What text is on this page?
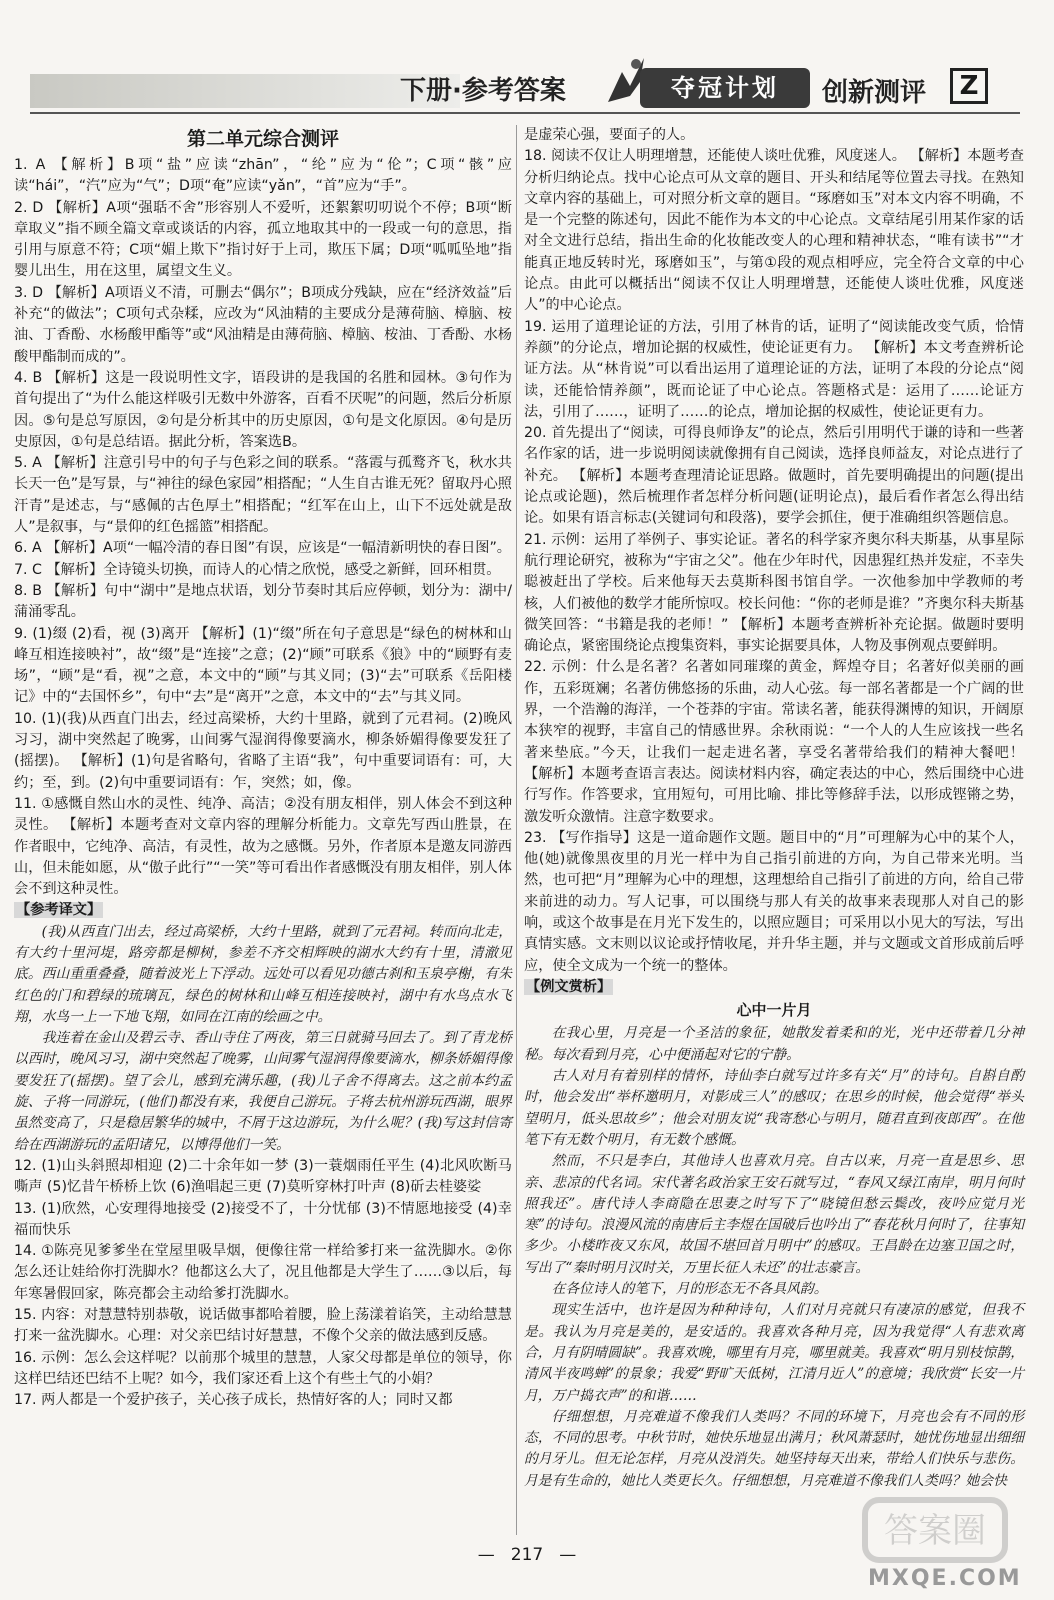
下册·参考答案	夺冠计划	创新测评	Z
第二单元综合测评

1. A 【解析】B项“盐”应读“zhān”，“纶”应为“伦”；C项“骸”应读“hái”，“汽”应为“气”；D项“奄”应读“yǎn”，“首”应为“手”。

2. D 【解析】A项“强聒不舍”形容别人不爱听，还絮絮叨叨说个不停；B项“断章取义”指不顾全篇文章或谈话的内容，孤立地取其中的一段或一句的意思，指引用与原意不符；C项“媚上欺下”指讨好于上司，欺压下属；D项“呱呱坠地”指婴儿出生，用在这里，属望文生义。

3. D 【解析】A项语义不清，可删去“偶尔”；B项成分残缺，应在“经济效益”后补充“的做法”；C项句式杂糅，应改为“风油精的主要成分是薄荷脑、樟脑、桉油、丁香酚、水杨酸甲酯等”或“风油精是由薄荷脑、樟脑、桉油、丁香酚、水杨酸甲酯制而成的”。

4. B 【解析】这是一段说明性文字，语段讲的是我国的名胜和园林。③句作为首句提出了“为什么能这样吸引无数中外游客，百看不厌呢”的问题，然后分析原因。⑤句是总写原因，②句是分析其中的历史原因，①句是文化原因。④句是历史原因，①句是总结语。据此分析，答案选B。

5. A 【解析】注意引号中的句子与色彩之间的联系。“落霞与孤鹜齐飞，秋水共长天一色”是写景，与“神往的绿色家园”相搭配；“人生自古谁无死？留取丹心照汗青”是述志，与“感佩的古色厚土”相搭配；“红军在山上，山下不远处就是敌人”是叙事，与“景仰的红色摇篮”相搭配。

6. A 【解析】A项“一幅冷清的春日图”有误，应该是“一幅清新明快的春日图”。

7. C 【解析】全诗镜头切换，而诗人的心情之欣悦，感受之新鲜，回环相贯。

8. B 【解析】句中“湖中”是地点状语，划分节奏时其后应停顿，划分为：湖中/蒲涌零乱。

9. (1)缀 (2)看，视 (3)离开 【解析】(1)“缀”所在句子意思是“绿色的树林和山峰互相连接映衬”，故“缀”是“连接”之意；(2)“顾”可联系《狼》中的“顾野有麦场”，“顾”是“看，视”之意，本文中的“顾”与其义同；(3)“去”可联系《岳阳楼记》中的“去国怀乡”，句中“去”是“离开”之意，本文中的“去”与其义同。

10. (1)(我)从西直门出去，经过高梁桥，大约十里路，就到了元君祠。(2)晚风习习，湖中突然起了晚雾，山间雾气湿润得像要滴水，柳条娇媚得像要发狂了(摇摆)。 【解析】(1)句是省略句，省略了主语“我”，句中重要词语有：可，大约；至，到。(2)句中重要词语有：乍，突然；如，像。

11. ①感慨自然山水的灵性、纯净、高洁；②没有朋友相伴，别人体会不到这种灵性。 【解析】本题考查对文章内容的理解分析能力。文章先写西山胜景，在作者眼中，它纯净、高洁，有灵性，故为之感慨。另外，作者原本是邀友同游西山，但未能如愿，从“傲子此行”“一笑”等可看出作者感慨没有朋友相伴，别人体会不到这种灵性。

【参考译文】

(我)从西直门出去，经过高梁桥，大约十里路，就到了元君祠。转而向北走，有大约十里河堤，路旁都是柳树，参差不齐交相辉映的湖水大约有十里，清澈见底。西山重重叠叠，随着波光上下浮动。远处可以看见功德古刹和玉泉亭榭，有朱红色的门和碧绿的琉璃瓦，绿色的树林和山峰互相连接映衬，湖中有水鸟点水飞翔，水鸟一上一下地飞翔，如同在江南的绘画之中。

我连着在金山及碧云寺、香山寺住了两夜，第三日就骑马回去了。到了青龙桥以西时，晚风习习，湖中突然起了晚雾，山间雾气湿润得像要滴水，柳条娇媚得像要发狂了(摇摆)。望了会儿，感到充满乐趣，(我)儿子舍不得离去。这之前本约孟旋、子将一同游玩，(他们)都没有来，我便自己游玩。子将去杭州游玩西湖，眼界虽然变高了，只是稳居繁华的城中，不屑于这边游玩，为什么呢？(我)写这封信寄给在西湖游玩的孟阳诸兄，以博得他们一笑。

12. (1)山头斜照却相迎 (2)二十余年如一梦 (3)一蓑烟雨任平生 (4)北风吹断马嘶声 (5)忆昔午桥桥上饮 (6)渔唱起三更 (7)莫听穿林打叶声 (8)斫去桂婆娑

13. (1)欣然，心安理得地接受 (2)接受不了，十分忧郁 (3)不情愿地接受 (4)幸福而快乐

14. ①陈亮见爹爹坐在堂屋里吸旱烟，便像往常一样给爹打来一盆洗脚水。②你怎么还让娃给你打洗脚水？他都这么大了，况且他都是大学生了……③以后，每年寒暑假回家，陈亮都会主动给爹打洗脚水。

15. 内容：对慧慧特别恭敬，说话做事都哈着腰，脸上荡漾着谄笑，主动给慧慧打来一盆洗脚水。心理：对父亲巴结讨好慧慧，不像个父亲的做法感到反感。

16. 示例：怎么会这样呢？以前那个城里的慧慧，人家父母都是单位的领导，你这样巴结还巴结不上呢？如今，我们家还看上这个有些土气的小娟？

17. 两人都是一个爱护孩子，关心孩子成长，热情好客的人；同时又都

是虚荣心强，要面子的人。

18. 阅读不仅让人明理增慧，还能使人谈吐优雅，风度迷人。 【解析】本题考查分析归纳论点。找中心论点可从文章的题目、开头和结尾等位置去寻找。在熟知文章内容的基础上，可对照分析文章的题目。“琢磨如玉”对本文内容不明确，不是一个完整的陈述句，因此不能作为本文的中心论点。文章结尾引用某作家的话对全文进行总结，指出生命的化妆能改变人的心理和精神状态，“唯有读书”“才能真正地反转时光，琢磨如玉”，与第①段的观点相呼应，完全符合文章的中心论点。由此可以概括出“阅读不仅让人明理增慧，还能使人谈吐优雅，风度迷人”的中心论点。

19. 运用了道理论证的方法，引用了林肯的话，证明了“阅读能改变气质，恰情养颜”的分论点，增加论据的权威性，使论证更有力。 【解析】本文考查辨析论证方法。从“林肯说”可以看出运用了道理论证的方法，证明了本段的分论点“阅读，还能恰情养颜”，既而论证了中心论点。答题格式是：运用了……论证方法，引用了……，证明了……的论点，增加论据的权威性，使论证更有力。

20. 首先提出了“阅读，可得良师诤友”的论点，然后引用明代于谦的诗和一些著名作家的话，进一步说明阅读就像拥有自己阅读，选择良师益友，对论点进行了补充。 【解析】本题考查理清论证思路。做题时，首先要明确提出的问题(提出论点或论题)，然后梳理作者怎样分析问题(证明论点)，最后看作者怎么得出结论。如果有语言标志(关键词句和段落)，要学会抓住，便于准确组织答题信息。

21. 示例：运用了举例子、事实论证。著名的科学家齐奥尔科夫斯基，从事星际航行理论研究，被称为“宇宙之父”。他在少年时代，因患猩红热并发症，不幸失聪被赶出了学校。后来他每天去莫斯科图书馆自学。一次他参加中学教师的考核，人们被他的数学才能所惊叹。校长问他：“你的老师是谁？”齐奥尔科夫斯基微笑回答：“书籍是我的老师！” 【解析】本题考查辨析补充论据。做题时要明确论点，紧密围绕论点搜集资料，事实论据要具体，人物及事例观点要鲜明。

22. 示例：什么是名著？名著如同璀璨的黄金，辉煌夺目；名著好似美丽的画作，五彩斑斓；名著仿佛悠扬的乐曲，动人心弦。每一部名著都是一个广阔的世界，一个浩瀚的海洋，一个苍莽的宇宙。常读名著，能获得渊博的知识，开阔原本狭窄的视野，丰富自己的情感世界。余秋雨说：“一个人的人生应该找一些名著来垫底。”今天，让我们一起走进名著，享受名著带给我们的精神大餐吧！ 【解析】本题考查语言表达。阅读材料内容，确定表达的中心，然后围绕中心进行写作。作答要求，宜用短句，可用比喻、排比等修辞手法，以形成铿锵之势，激发听众激情。注意字数要求。

23. 【写作指导】这是一道命题作文题。题目中的“月”可理解为心中的某个人，他(她)就像黑夜里的月光一样中为自己指引前进的方向，为自己带来光明。当然，也可把“月”理解为心中的理想，这理想给自己指引了前进的方向，给自己带来前进的动力。写人记事，可以围绕与那人有关的故事来表现那人对自己的影响，或这个故事是在月光下发生的，以照应题目；可采用以小见大的写法，写出真情实感。文末则以议论或抒情收尾，并升华主题，并与文题或文首形成前后呼应，使全文成为一个统一的整体。

【例文赏析】

心中一片月

在我心里，月亮是一个圣洁的象征，她散发着柔和的光，光中还带着几分神秘。每次看到月亮，心中便涌起对它的宁静。

古人对月有着别样的情怀，诗仙李白就写过许多有关“月”的诗句。自斟自酌时，他会发出“举杯邀明月，对影成三人”的感叹；在思乡的时候，他会觉得“举头望明月，低头思故乡”；他会对朋友说“我寄愁心与明月，随君直到夜郎西”。在他笔下有无数个明月，有无数个感慨。

然而，不只是李白，其他诗人也喜欢月亮。自古以来，月亮一直是思乡、思亲、悲凉的代名词。宋代著名政治家王安石就写过，“春风又绿江南岸，明月何时照我还”。唐代诗人李商隐在思妻之时写下了“晓镜但愁云鬓改，夜吟应觉月光寒”的诗句。浪漫风流的南唐后主李煜在国破后也吟出了“春花秋月何时了，往事知多少。小楼昨夜又东风，故国不堪回首月明中”的感叹。王昌龄在边塞卫国之时，写出了“秦时明月汉时关，万里长征人未还”的壮志豪言。

在各位诗人的笔下，月的形态无不各具风韵。

现实生活中，也许是因为种种诗句，人们对月亮就只有凄凉的感觉，但我不是。我认为月亮是美的，是安适的。我喜欢各种月亮，因为我觉得“人有悲欢离合，月有阴晴圆缺”。我喜欢晚，哪里有月亮，哪里就美。我喜欢“明月别枝惊鹊，清风半夜鸣蝉”的景象；我爱“野旷天低树，江清月近人”的意境；我欣赏“长安一片月，万户捣衣声”的和谐……

仔细想想，月亮难道不像我们人类吗？不同的环境下，月亮也会有不同的形态，不同的思考。中秋节时，她快乐地显出满月；秋风萧瑟时，她忧伤地显出细细的月牙儿。但无论怎样，月亮从没消失。她坚持每天出来，带给人们快乐与悲伤。月是有生命的，她比人类更长久。仔细想想，月亮难道不像我们人类吗？她会快

— 217 —
答案圈
MXQE.COM
